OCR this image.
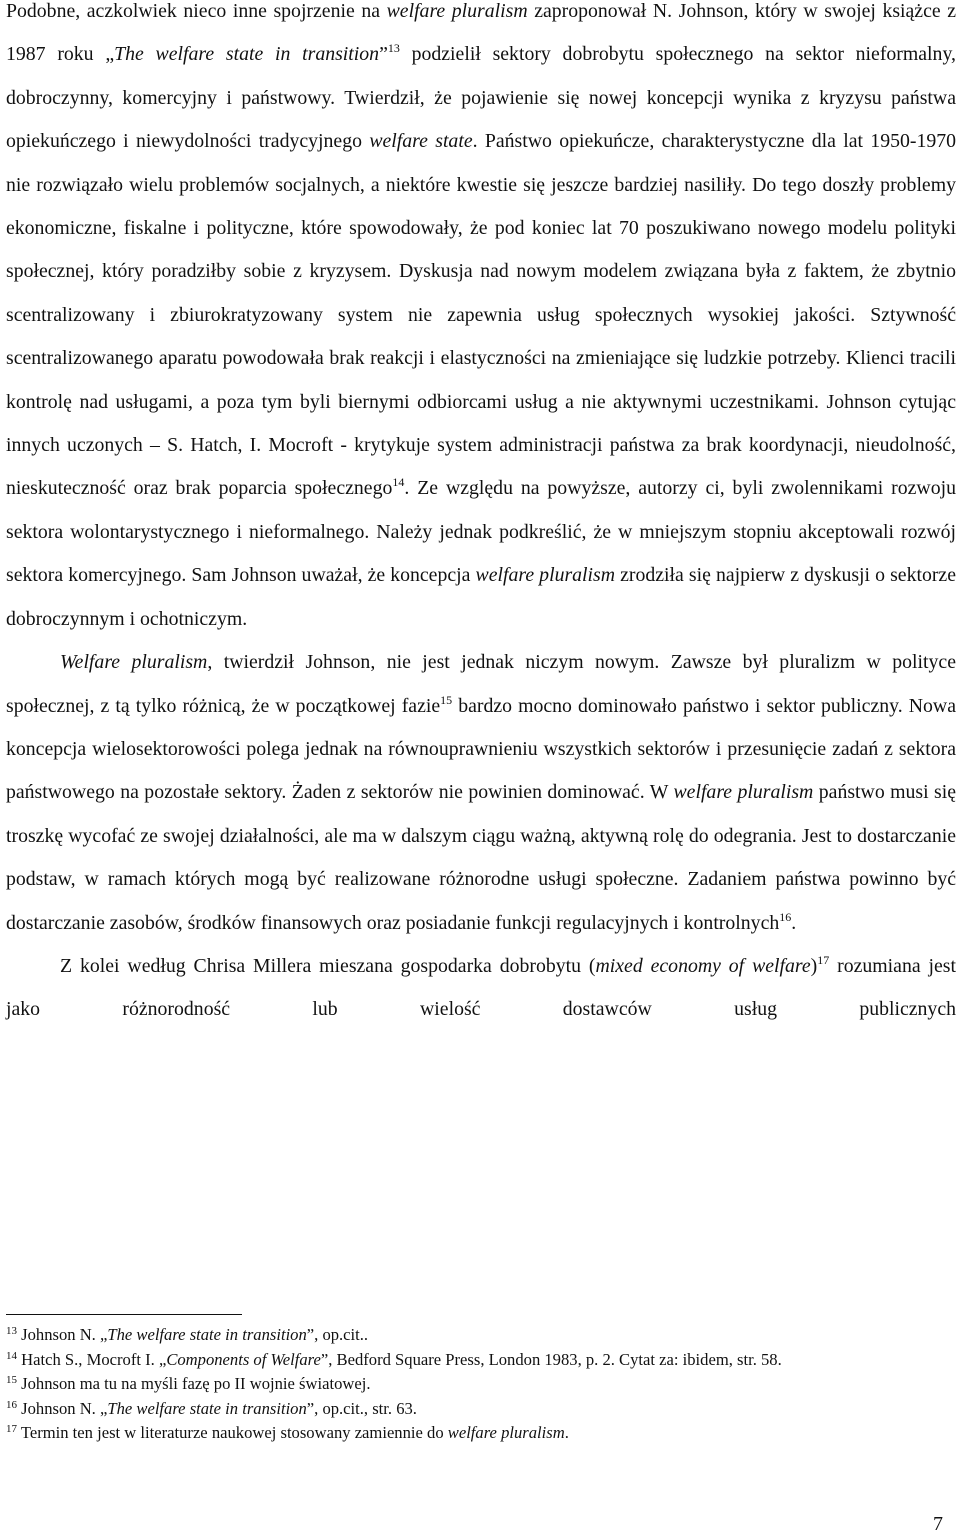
Podobne, aczkolwiek nieco inne spojrzenie na welfare pluralism zaproponował N. Johnson, który w swojej książce z 1987 roku „The welfare state in transition”$^{13}$ podzielił sektory dobrobytu społecznego na sektor nieformalny, dobroczynny, komercyjny i państwowy. Twierdził, że pojawienie się nowej koncepcji wynika z kryzysu państwa opiekuńczego i niewydolności tradycyjnego welfare state. Państwo opiekuńcze, charakterystyczne dla lat 1950-1970 nie rozwiązało wielu problemów socjalnych, a niektóre kwestie się jeszcze bardziej nasiliły. Do tego doszły problemy ekonomiczne, fiskalne i polityczne, które spowodowały, że pod koniec lat 70 poszukiwano nowego modelu polityki społecznej, który poradziłby sobie z kryzysem. Dyskusja nad nowym modelem związana była z faktem, że zbytnio scentralizowany i zbiurokratyzowany system nie zapewnia usług społecznych wysokiej jakości. Sztywność scentralizowanego aparatu powodowała brak reakcji i elastyczności na zmieniające się ludzkie potrzeby. Klienci tracili kontrolę nad usługami, a poza tym byli biernymi odbiorcami usług a nie aktywnymi uczestnikami. Johnson cytując innych uczonych – S. Hatch, I. Mocroft - krytykuje system administracji państwa za brak koordynacji, nieudolność, nieskuteczność oraz brak poparcia społecznego$^{14}$. Ze względu na powyższe, autorzy ci, byli zwolennikami rozwoju sektora wolontarystycznego i nieformalnego. Należy jednak podkreślić, że w mniejszym stopniu akceptowali rozwój sektora komercyjnego. Sam Johnson uważał, że koncepcja welfare pluralism zrodziła się najpierw z dyskusji o sektorze dobroczynnym i ochotniczym.

Welfare pluralism, twierdził Johnson, nie jest jednak niczym nowym. Zawsze był pluralizm w polityce społecznej, z tą tylko różnicą, że w początkowej fazie$^{15}$ bardzo mocno dominowało państwo i sektor publiczny. Nowa koncepcja wielosektorowości polega jednak na równouprawnieniu wszystkich sektorów i przesunięcie zadań z sektora państwowego na pozostałe sektory. Żaden z sektorów nie powinien dominować. W welfare pluralism państwo musi się troszkę wycofać ze swojej działalności, ale ma w dalszym ciągu ważną, aktywną rolę do odegrania. Jest to dostarczanie podstaw, w ramach których mogą być realizowane różnorodne usługi społeczne. Zadaniem państwa powinno być dostarczanie zasobów, środków finansowych oraz posiadanie funkcji regulacyjnych i kontrolnych$^{16}$.

Z kolei według Chrisa Millera mieszana gospodarka dobrobytu (mixed economy of welfare)$^{17}$ rozumiana jest jako różnorodność lub wielość dostawców usług publicznych

$^{13}$ Johnson N. „The welfare state in transition”, op.cit..

$^{14}$ Hatch S., Mocroft I. „Components of Welfare”, Bedford Square Press, London 1983, p. 2. Cytat za: ibidem, str. 58.

$^{15}$ Johnson ma tu na myśli fazę po II wojnie światowej.

$^{16}$ Johnson N. „The welfare state in transition”, op.cit., str. 63.

$^{17}$ Termin ten jest w literaturze naukowej stosowany zamiennie do welfare pluralism.

7
